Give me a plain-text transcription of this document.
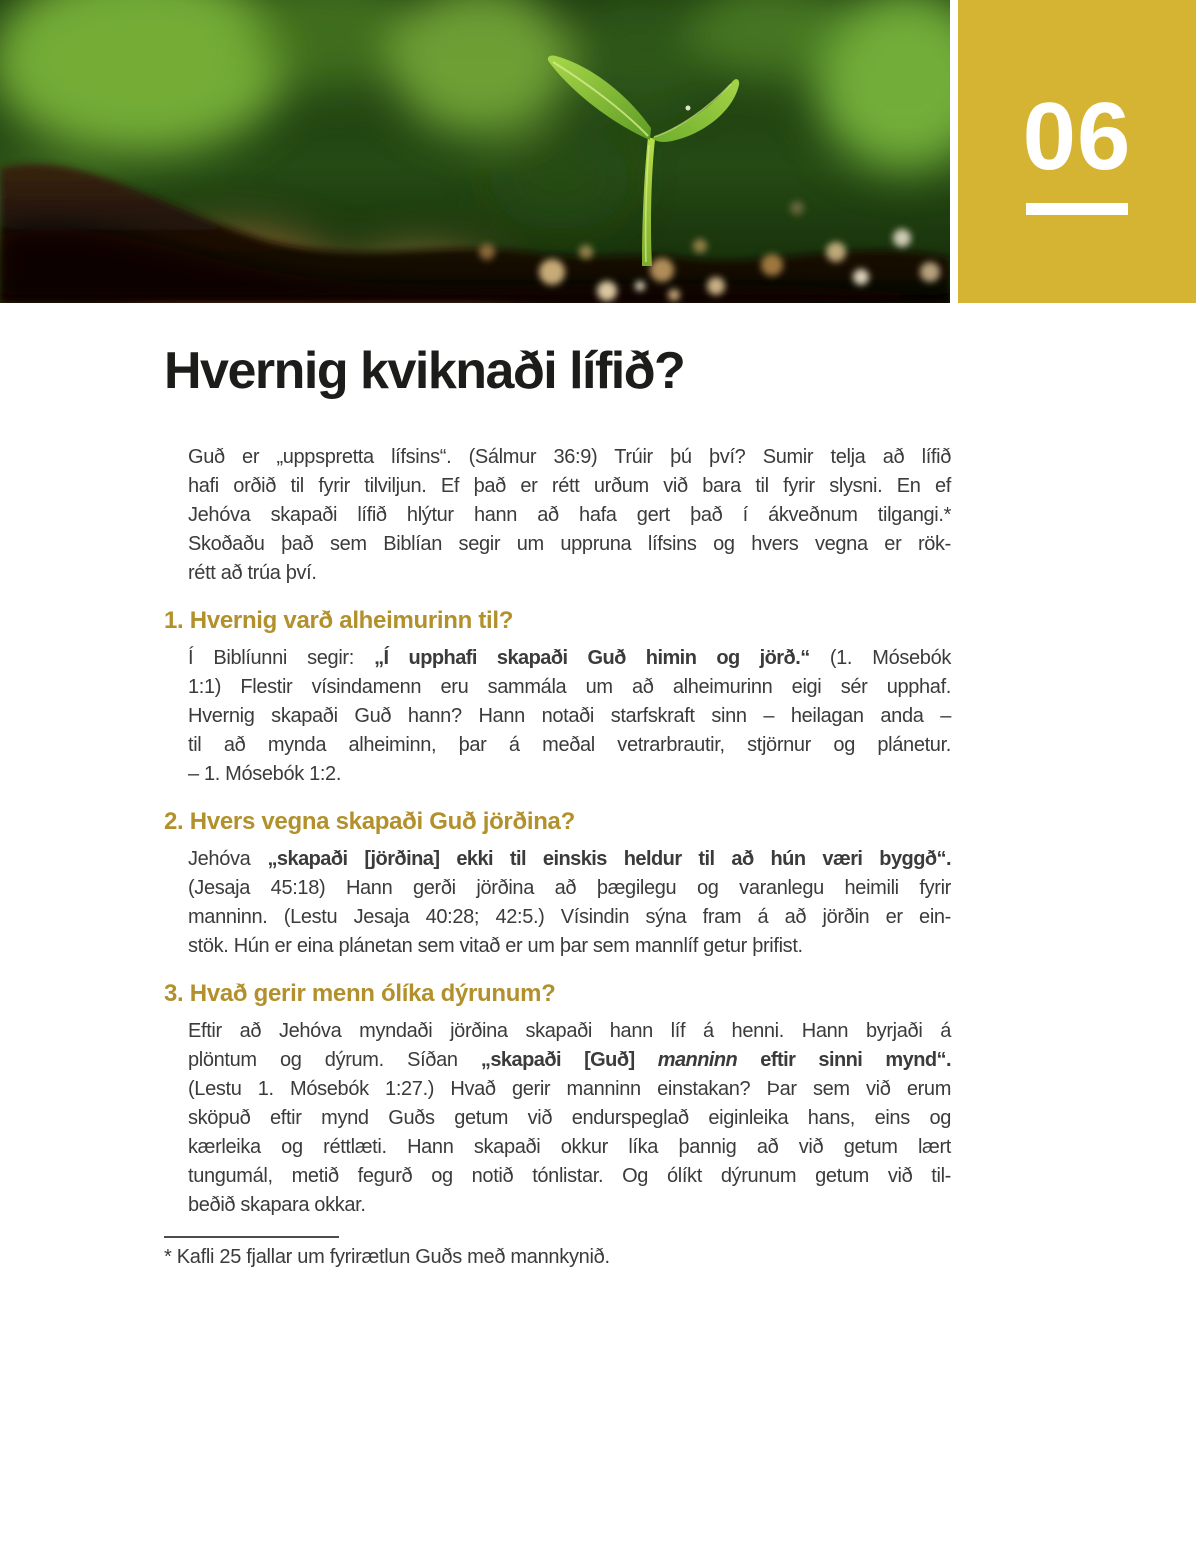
06
Hvernig kviknaði lífið?
Guð er „uppspretta lífsins“. (Sálmur 36:9) Trúir þú því? Sumir telja að lífið
hafi orðið til fyrir tilviljun. Ef það er rétt urðum við bara til fyrir slysni. En ef
Jehóva skapaði lífið hlýtur hann að hafa gert það í ákveðnum tilgangi.*
Skoðaðu það sem Biblían segir um uppruna lífsins og hvers vegna er rök-
rétt að trúa því.
1. Hvernig varð alheimurinn til?
Í Biblíunni segir: „Í upphafi skapaði Guð himin og jörð.“ (1. Mósebók
1:1) Flestir vísindamenn eru sammála um að alheimurinn eigi sér upphaf.
Hvernig skapaði Guð hann? Hann notaði starfskraft sinn – heilagan anda –
til að mynda alheiminn, þar á meðal vetrarbrautir, stjörnur og plánetur.
– 1. Mósebók 1:2.
2. Hvers vegna skapaði Guð jörðina?
Jehóva „skapaði [jörðina] ekki til einskis heldur til að hún væri byggð“.
(Jesaja 45:18) Hann gerði jörðina að þægilegu og varanlegu heimili fyrir
manninn. (Lestu Jesaja 40:28; 42:5.) Vísindin sýna fram á að jörðin er ein-
stök. Hún er eina plánetan sem vitað er um þar sem mannlíf getur þrifist.
3. Hvað gerir menn ólíka dýrunum?
Eftir að Jehóva myndaði jörðina skapaði hann líf á henni. Hann byrjaði á
plöntum og dýrum. Síðan „skapaði [Guð] manninn eftir sinni mynd“.
(Lestu 1. Mósebók 1:27.) Hvað gerir manninn einstakan? Þar sem við erum
sköpuð eftir mynd Guðs getum við endurspeglað eiginleika hans, eins og
kærleika og réttlæti. Hann skapaði okkur líka þannig að við getum lært
tungumál, metið fegurð og notið tónlistar. Og ólíkt dýrunum getum við til-
beðið skapara okkar.

* Kafli 25 fjallar um fyrirætlun Guðs með mannkynið.
